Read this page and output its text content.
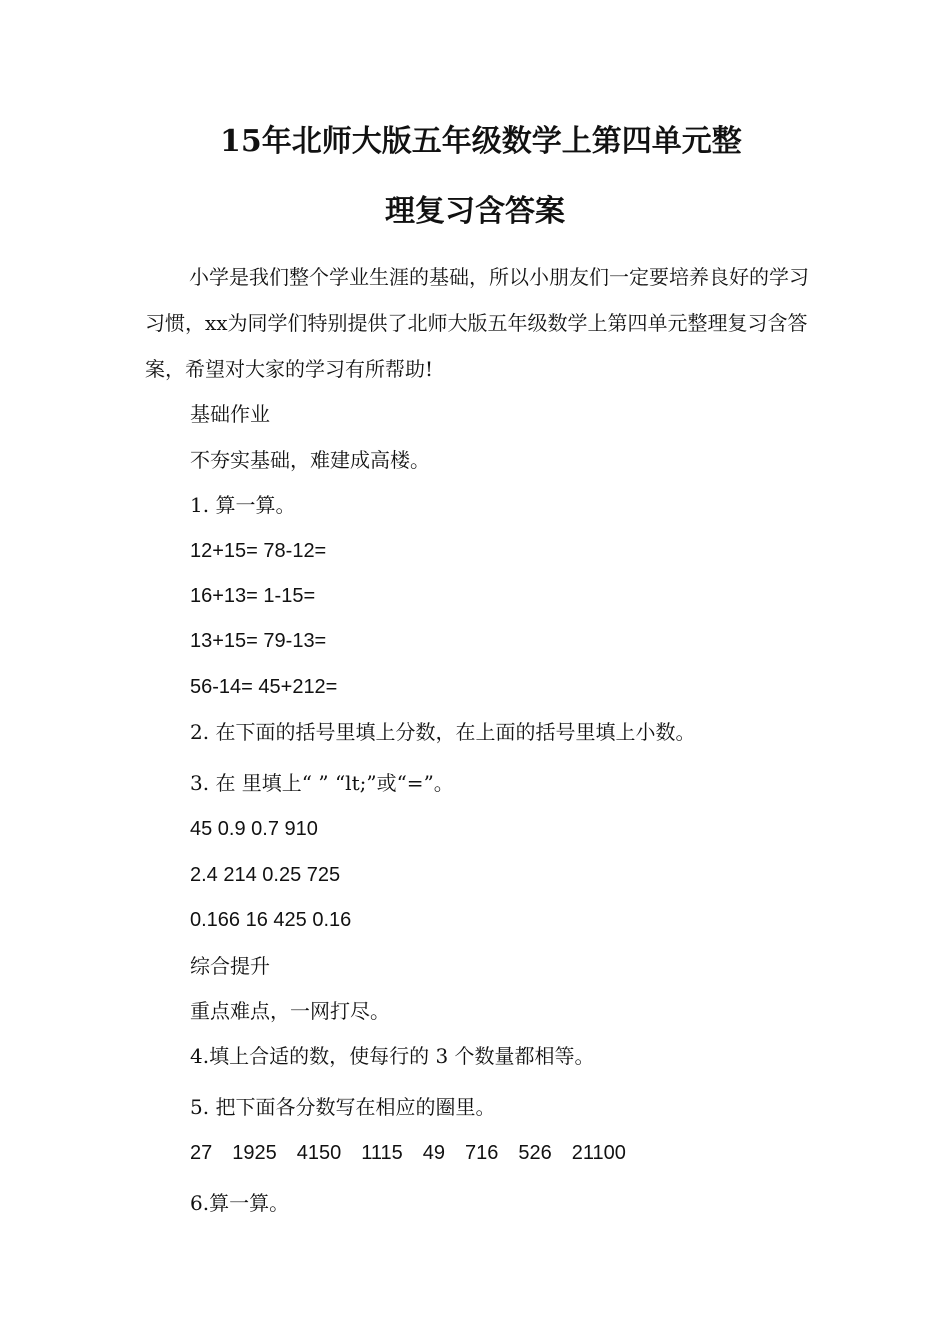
15年北师大版五年级数学上第四单元整
理复习含答案
小学是我们整个学业生涯的基础，所以小朋友们一定要培养良好的学习习惯，xx为同学们特别提供了北师大版五年级数学上第四单元整理复习含答案，希望对大家的学习有所帮助!
基础作业
不夯实基础，难建成高楼。
1. 算一算。
12+15= 78-12=
16+13= 1-15=
13+15= 79-13=
56-14= 45+212=
2. 在下面的括号里填上分数，在上面的括号里填上小数。
3. 在 里填上“ ” “lt;”或“=”。
45 0.9 0.7 910
2.4 214 0.25 725
0.166 16 425 0.16
综合提升
重点难点，一网打尽。
4.填上合适的数，使每行的 3 个数量都相等。
5. 把下面各分数写在相应的圈里。
27 1925 4150 1115 49 716 526 21100
6.算一算。
